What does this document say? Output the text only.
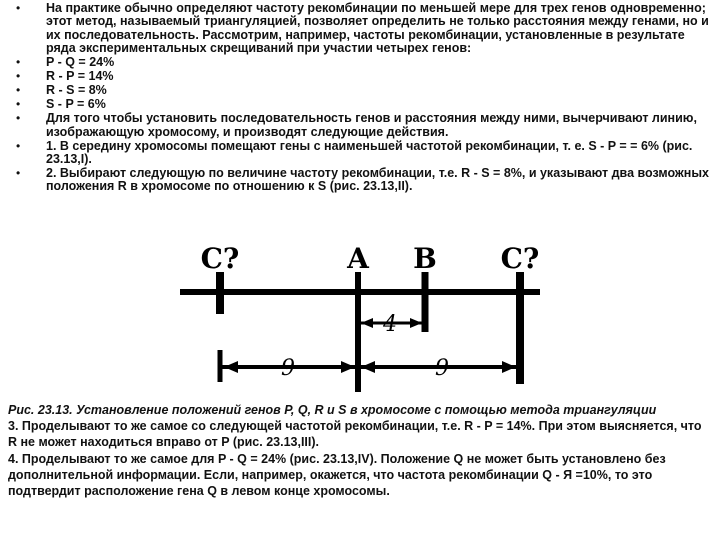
• На практике обычно определяют частоту рекомбинации по меньшей мере для трех генов одновременно; этот метод, называемый триангуляцией, позволяет определить не только расстояния между генами, но и их последовательность. Рассмотрим, например, частоты рекомбинации, установленные в результате ряда экспериментальных скрещиваний при участии четырех генов:
• P - Q = 24%
• R - P = 14%
• R - S = 8%
• S - P = 6%
• Для того чтобы установить последовательность генов и расстояния между ними, вычерчивают линию, изображающую хромосому, и производят следующие действия.
• 1. В середину хромосомы помещают гены с наименьшей частотой рекомбинации, т. е. S - P = = 6% (рис. 23.13,I).
• 2. Выбирают следующую по величине частоту рекомбинации, т.е. R - S = 8%, и указывают два возможных положения R в хромосоме по отношению к S (рис. 23.13,II).
C?	A B C?
4
9	9

Рис. 23.13. Установление положений генов P, Q, R и S в хромосоме с помощью метода триангуляции

3. Проделывают то же самое со следующей частотой рекомбинации, т.е. R - P = 14%. При этом выясняется, что R не может находиться вправо от P (рис. 23.13,III).

4. Проделывают то же самое для P - Q = 24% (рис. 23.13,IV). Положение Q не может быть установлено без дополнительной информации. Если, например, окажется, что частота рекомбинации Q - Я =10%, то это подтвердит расположение гена Q в левом конце хромосомы.
